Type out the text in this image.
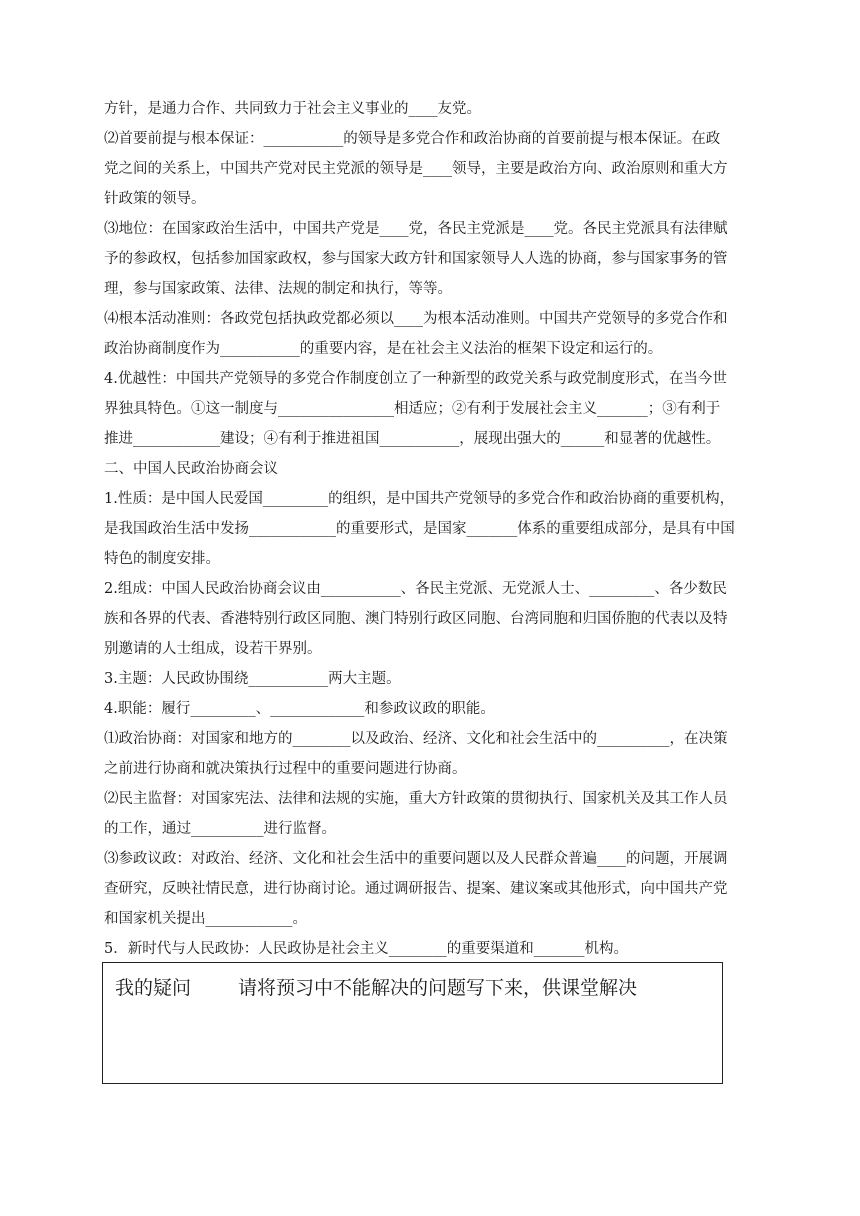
方针，是通力合作、共同致力于社会主义事业的____友党。
⑵首要前提与根本保证：___________的领导是多党合作和政治协商的首要前提与根本保证。在政
党之间的关系上，中国共产党对民主党派的领导是____领导，主要是政治方向、政治原则和重大方
针政策的领导。
⑶地位：在国家政治生活中，中国共产党是____党，各民主党派是____党。各民主党派具有法律赋
予的参政权，包括参加国家政权，参与国家大政方针和国家领导人人选的协商，参与国家事务的管
理，参与国家政策、法律、法规的制定和执行，等等。
⑷根本活动准则：各政党包括执政党都必须以____为根本活动准则。中国共产党领导的多党合作和
政治协商制度作为___________的重要内容，是在社会主义法治的框架下设定和运行的。
4.优越性：中国共产党领导的多党合作制度创立了一种新型的政党关系与政党制度形式，在当今世
界独具特色。①这一制度与________________相适应；②有利于发展社会主义_______；③有利于
推进____________建设；④有利于推进祖国___________，展现出强大的______和显著的优越性。
二、中国人民政治协商会议
1.性质：是中国人民爱国_________的组织，是中国共产党领导的多党合作和政治协商的重要机构，
是我国政治生活中发扬____________的重要形式，是国家_______体系的重要组成部分，是具有中国
特色的制度安排。
2.组成：中国人民政治协商会议由___________、各民主党派、无党派人士、_________、各少数民
族和各界的代表、香港特别行政区同胞、澳门特别行政区同胞、台湾同胞和归国侨胞的代表以及特
别邀请的人士组成，设若干界别。
3.主题：人民政协围绕___________两大主题。
4.职能：履行_________、_____________和参政议政的职能。
⑴政治协商：对国家和地方的________以及政治、经济、文化和社会生活中的__________，在决策
之前进行协商和就决策执行过程中的重要问题进行协商。
⑵民主监督：对国家宪法、法律和法规的实施，重大方针政策的贯彻执行、国家机关及其工作人员
的工作，通过__________进行监督。
⑶参政议政：对政治、经济、文化和社会生活中的重要问题以及人民群众普遍____的问题，开展调
查研究，反映社情民意，进行协商讨论。通过调研报告、提案、建议案或其他形式，向中国共产党
和国家机关提出____________。
5．新时代与人民政协：人民政协是社会主义________的重要渠道和_______机构。
我的疑问 请将预习中不能解决的问题写下来，供课堂解决
